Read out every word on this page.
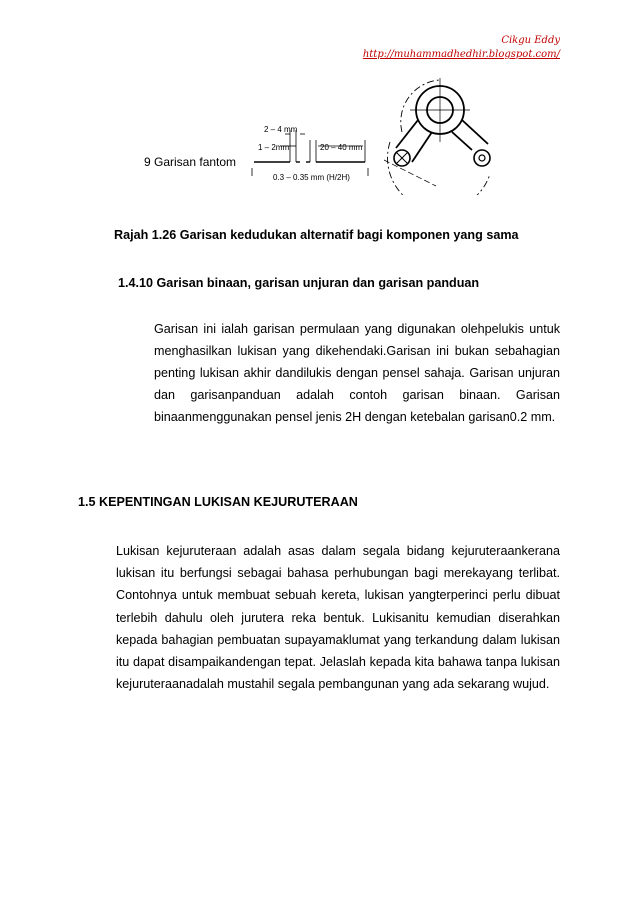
Cikgu Eddy
http://muhammadhedhir.blogspot.com/
9 Garisan fantom
2 – 4 mm
1 – 2mm	20 – 40 mm
0.3 – 0.35 mm (H/2H)
Rajah 1.26 Garisan kedudukan alternatif bagi komponen yang sama
1.4.10 Garisan binaan, garisan unjuran dan garisan panduan

Garisan ini ialah garisan permulaan yang digunakan olehpelukis untuk menghasilkan lukisan yang dikehendaki.Garisan ini bukan sebahagian penting lukisan akhir dandilukis dengan pensel sahaja. Garisan unjuran dan garisanpanduan adalah contoh garisan binaan. Garisan binaanmenggunakan pensel jenis 2H dengan ketebalan garisan0.2 mm.

1.5 KEPENTINGAN LUKISAN KEJURUTERAAN

Lukisan kejuruteraan adalah asas dalam segala bidang kejuruteraankerana lukisan itu berfungsi sebagai bahasa perhubungan bagi merekayang terlibat. Contohnya untuk membuat sebuah kereta, lukisan yangterperinci perlu dibuat terlebih dahulu oleh jurutera reka bentuk. Lukisanitu kemudian diserahkan kepada bahagian pembuatan supayamaklumat yang terkandung dalam lukisan itu dapat disampaikandengan tepat. Jelaslah kepada kita bahawa tanpa lukisan kejuruteraanadalah mustahil segala pembangunan yang ada sekarang wujud.
